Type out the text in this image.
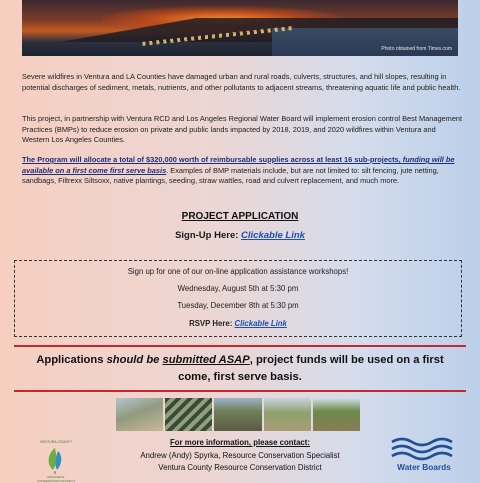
Photo obtained from Times.com

Severe wildfires in Ventura and LA Counties have damaged urban and rural roads, culverts, structures, and hill slopes, resulting in potential discharges of sediment, metals, nutrients, and other pollutants to adjacent streams, threatening aquatic life and public health.

This project, in partnership with Ventura RCD and Los Angeles Regional Water Board will implement erosion control Best Management Practices (BMPs) to reduce erosion on private and public lands impacted by 2018, 2019, and 2020 wildfires within Ventura and Western Los Angeles Counties.

The Program will allocate a total of $320,000 worth of reimbursable supplies across at least 16 sub-projects, funding will be available on a first come first serve basis. Examples of BMP materials include, but are not limited to: silt fencing, jute netting, sandbags, Filtrexx Siltsoxx, native plantings, seeding, straw wattles, road and culvert replacement, and much more.

PROJECT APPLICATION
Sign-Up Here: Clickable Link
Sign up for one of our on-line application assistance workshops!
Wednesday, August 5th at 5:30 pm
Tuesday, December 8th at 5:30 pm
RSVP Here: Clickable Link
Applications should be submitted ASAP, project funds will be used on a first come, first serve basis.
VENTURA COUNTY
RESOURCE CONSERVATION DISTRICT
For more information, please contact:
Andrew (Andy) Spyrka, Resource Conservation Specialist
Ventura County Resource Conservation District	Water Boards
